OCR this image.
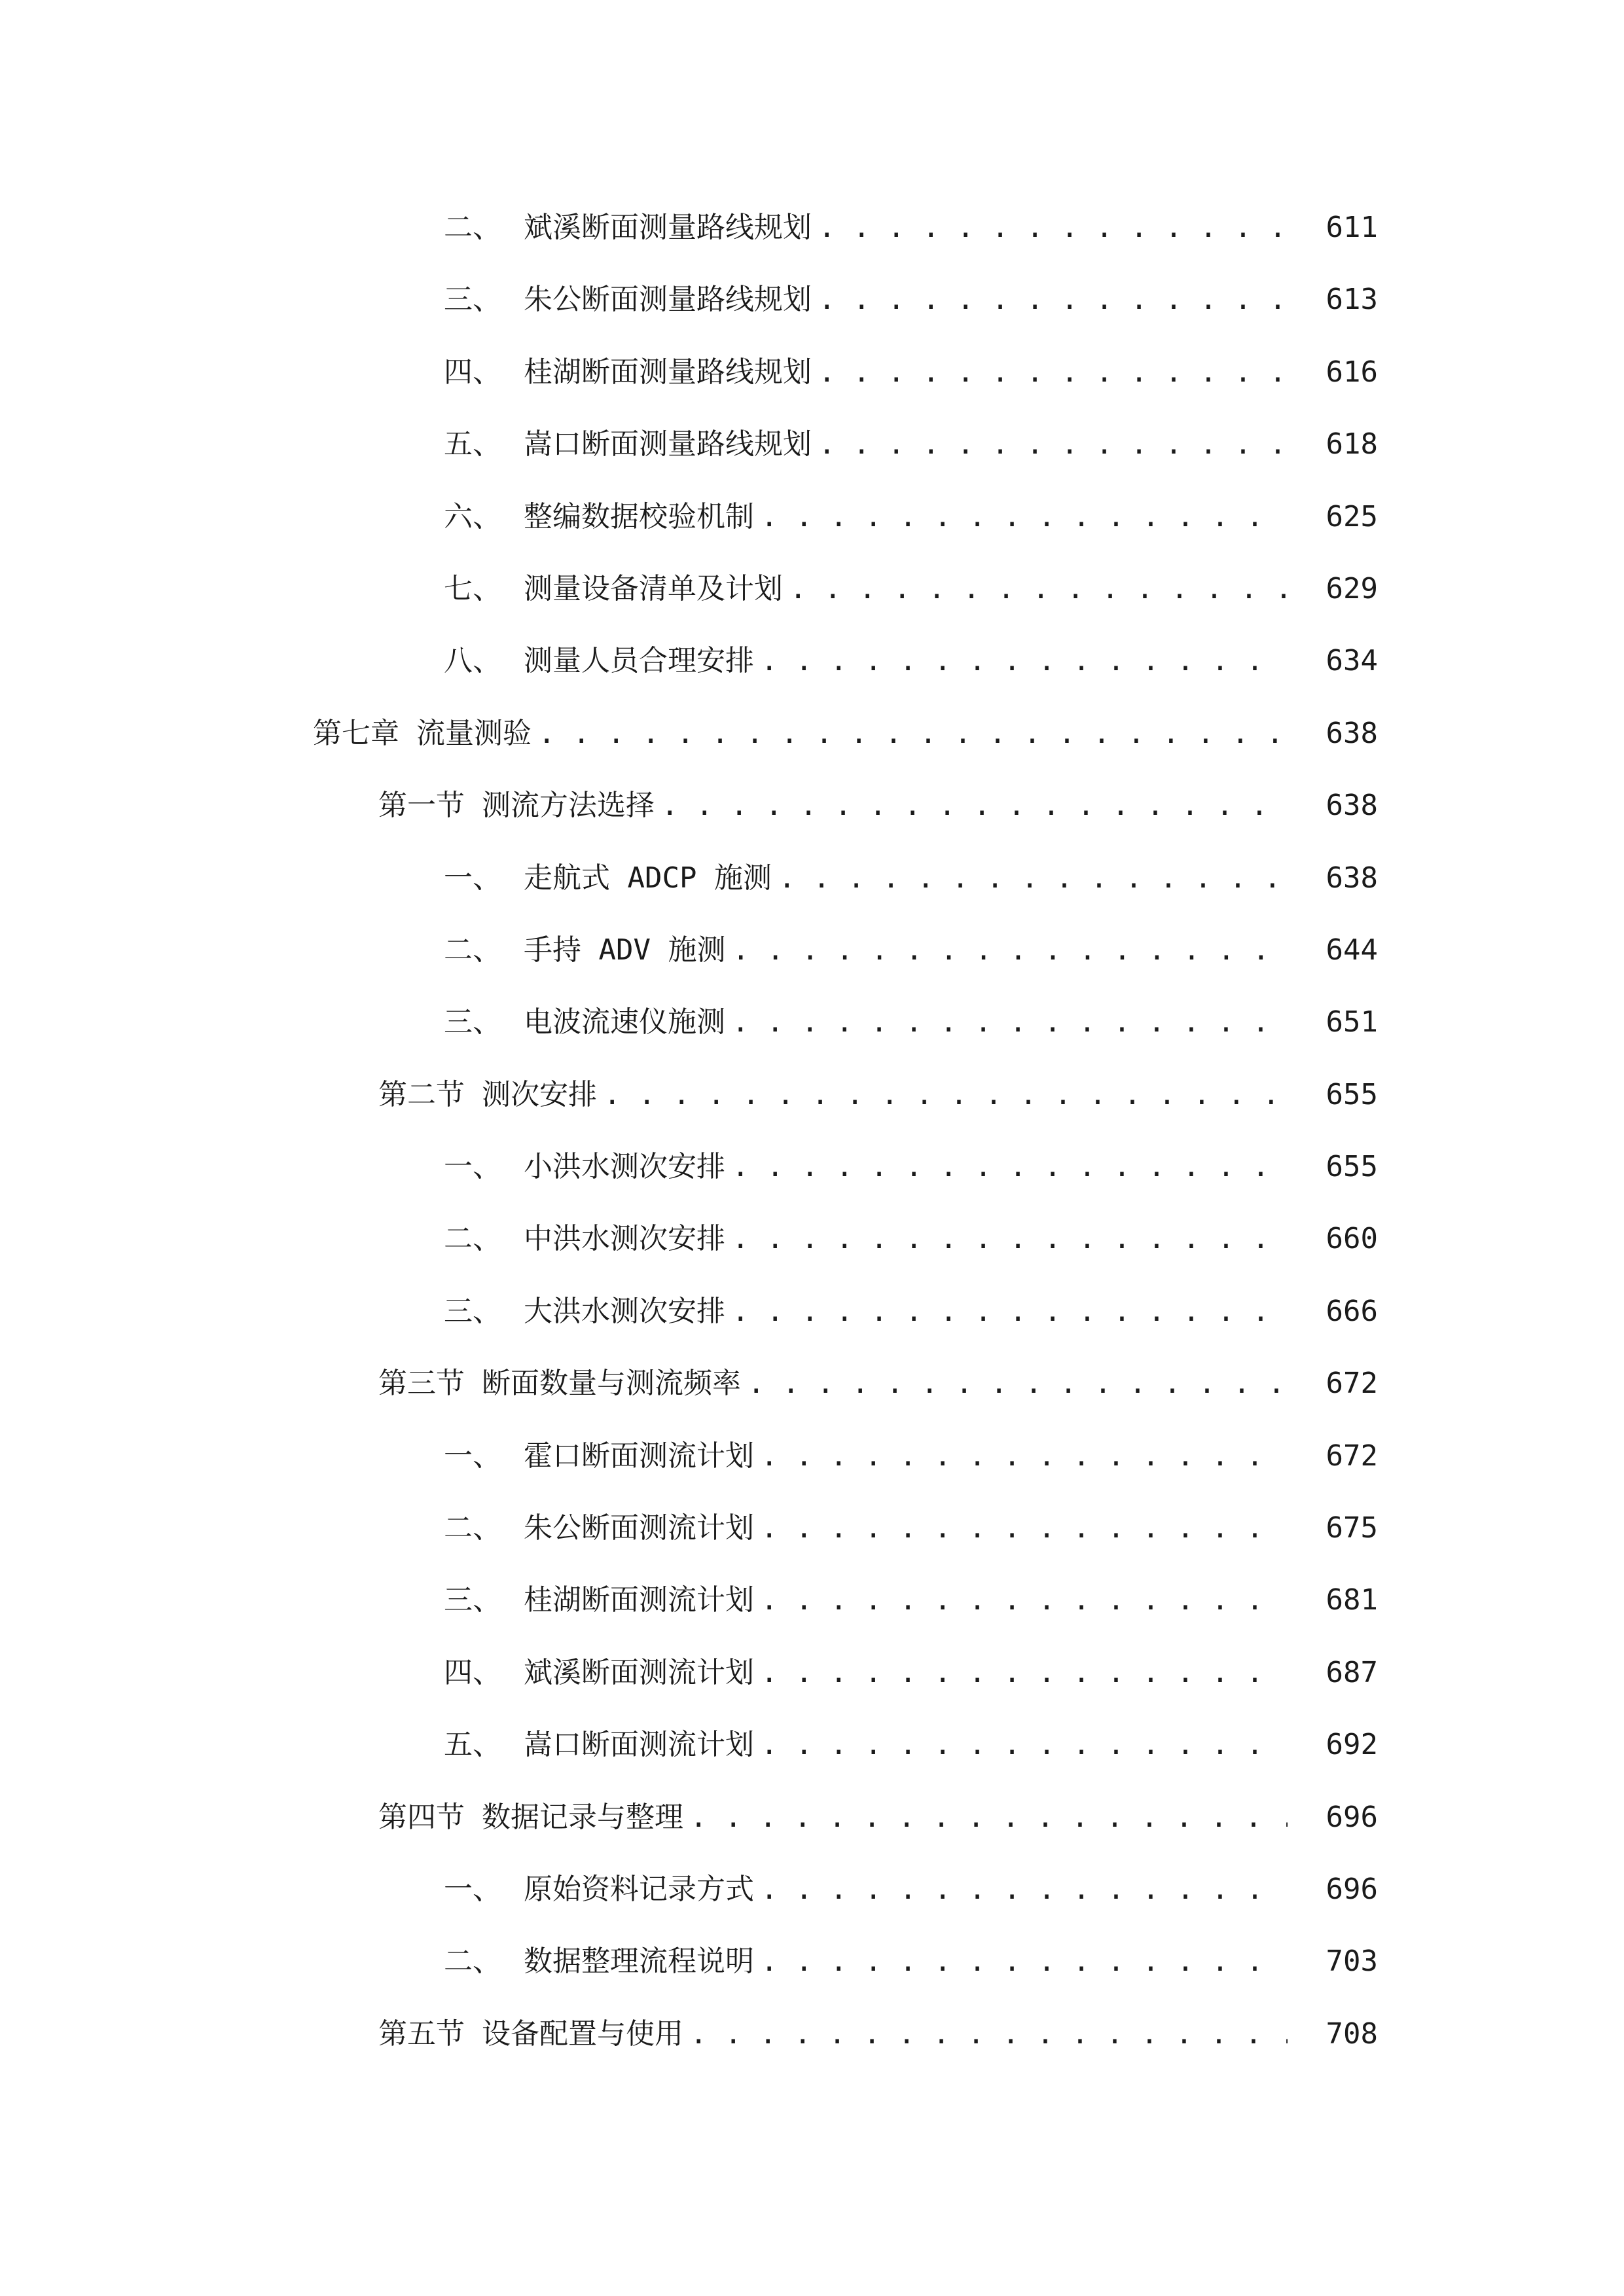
二、 斌溪断面测量路线规划 . . .	611
三、 朱公断面测量路线规划 . . .	613
四、 桂湖断面测量路线规划 . . .	616
五、 嵩口断面测量路线规划 . . .	618
六、 整编数据校验机制 . . .	625
七、 测量设备清单及计划 . . .	629
八、 测量人员合理安排 . . .	634
第七章 流量测验 . . .	638
第一节 测流方法选择 . . .	638
一、 走航式 ADCP 施测 . . .	638
二、 手持 ADV 施测 . . .	644
三、 电波流速仪施测 . . .	651
第二节 测次安排 . . .	655
一、 小洪水测次安排 . . .	655
二、 中洪水测次安排 . . .	660
三、 大洪水测次安排 . . .	666
第三节 断面数量与测流频率 . . .	672
一、 霍口断面测流计划 . . .	672
二、 朱公断面测流计划 . . .	675
三、 桂湖断面测流计划 . . .	681
四、 斌溪断面测流计划 . . .	687
五、 嵩口断面测流计划 . . .	692
第四节 数据记录与整理 . . .	696
一、 原始资料记录方式 . . .	696
二、 数据整理流程说明 . . .	703
第五节 设备配置与使用 . . .	708
